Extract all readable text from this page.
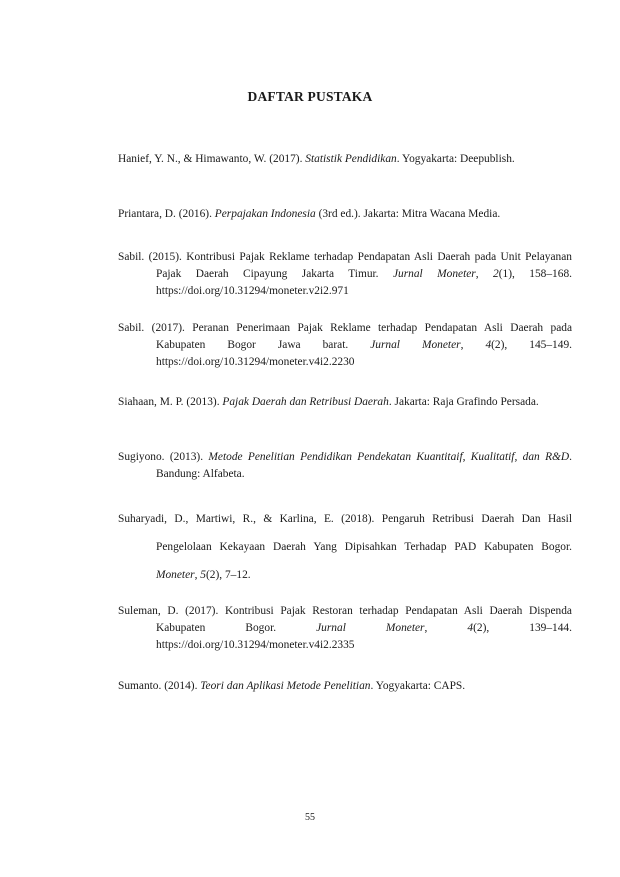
DAFTAR PUSTAKA
Hanief, Y. N., & Himawanto, W. (2017). Statistik Pendidikan. Yogyakarta: Deepublish.
Priantara, D. (2016). Perpajakan Indonesia (3rd ed.). Jakarta: Mitra Wacana Media.
Sabil. (2015). Kontribusi Pajak Reklame terhadap Pendapatan Asli Daerah pada Unit Pelayanan Pajak Daerah Cipayung Jakarta Timur. Jurnal Moneter, 2(1), 158–168. https://doi.org/10.31294/moneter.v2i2.971
Sabil. (2017). Peranan Penerimaan Pajak Reklame terhadap Pendapatan Asli Daerah pada Kabupaten Bogor Jawa barat. Jurnal Moneter, 4(2), 145–149. https://doi.org/10.31294/moneter.v4i2.2230
Siahaan, M. P. (2013). Pajak Daerah dan Retribusi Daerah. Jakarta: Raja Grafindo Persada.
Sugiyono. (2013). Metode Penelitian Pendidikan Pendekatan Kuantitaif, Kualitatif, dan R&D. Bandung: Alfabeta.
Suharyadi, D., Martiwi, R., & Karlina, E. (2018). Pengaruh Retribusi Daerah Dan Hasil Pengelolaan Kekayaan Daerah Yang Dipisahkan Terhadap PAD Kabupaten Bogor. Moneter, 5(2), 7–12.
Suleman, D. (2017). Kontribusi Pajak Restoran terhadap Pendapatan Asli Daerah Dispenda Kabupaten Bogor. Jurnal Moneter, 4(2), 139–144. https://doi.org/10.31294/moneter.v4i2.2335
Sumanto. (2014). Teori dan Aplikasi Metode Penelitian. Yogyakarta: CAPS.
55
